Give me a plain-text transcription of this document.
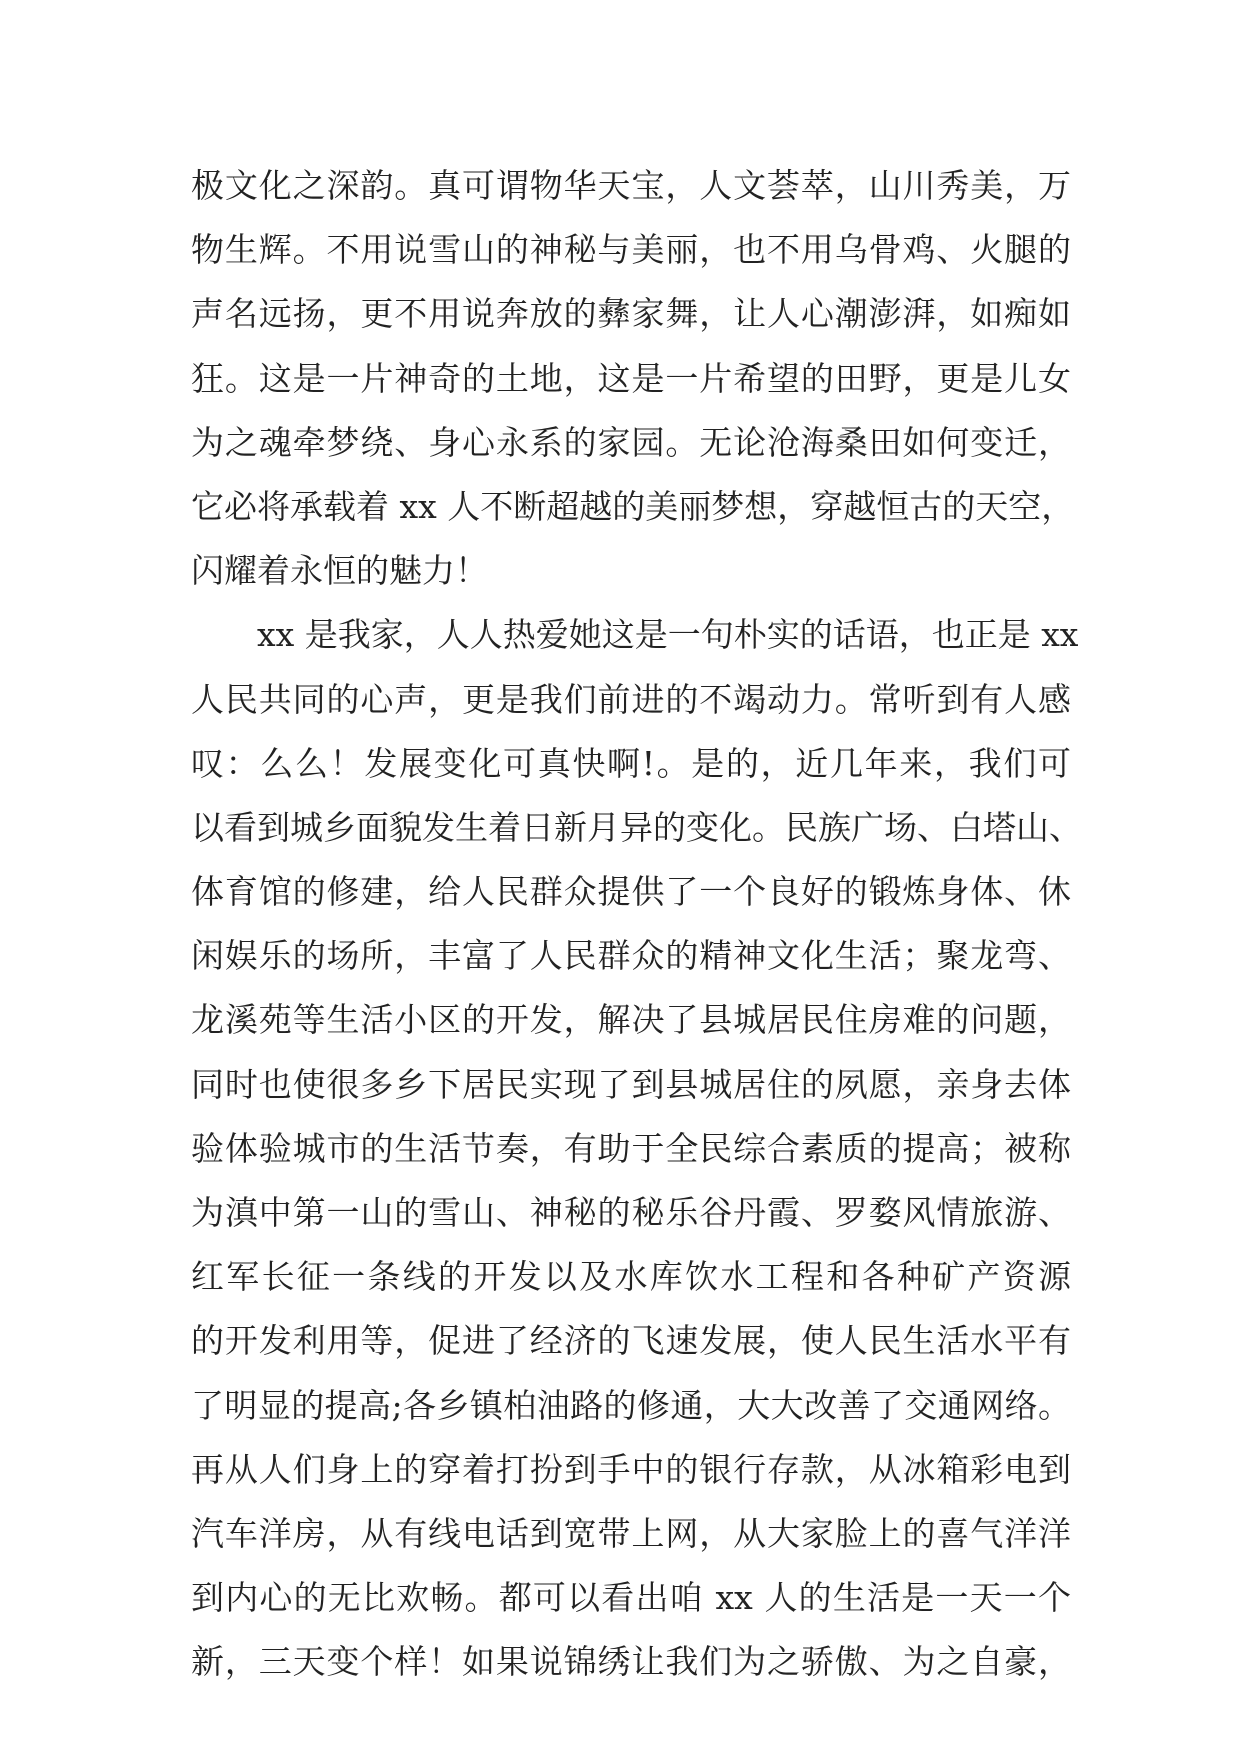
极文化之深韵。真可谓物华天宝，人文荟萃，山川秀美，万
物生辉。不用说雪山的神秘与美丽，也不用乌骨鸡、火腿的
声名远扬，更不用说奔放的彝家舞，让人心潮澎湃，如痴如
狂。这是一片神奇的土地，这是一片希望的田野，更是儿女
为之魂牵梦绕、身心永系的家园。无论沧海桑田如何变迁，
它必将承载着 xx 人不断超越的美丽梦想，穿越恒古的天空，
闪耀着永恒的魅力！
xx 是我家，人人热爱她这是一句朴实的话语，也正是 xx
人民共同的心声，更是我们前进的不竭动力。常听到有人感
叹：么么！发展变化可真快啊!。是的，近几年来，我们可
以看到城乡面貌发生着日新月异的变化。民族广场、白塔山、
体育馆的修建，给人民群众提供了一个良好的锻炼身体、休
闲娱乐的场所，丰富了人民群众的精神文化生活；聚龙弯、
龙溪苑等生活小区的开发，解决了县城居民住房难的问题，
同时也使很多乡下居民实现了到县城居住的夙愿，亲身去体
验体验城市的生活节奏，有助于全民综合素质的提高；被称
为滇中第一山的雪山、神秘的秘乐谷丹霞、罗婺风情旅游、
红军长征一条线的开发以及水库饮水工程和各种矿产资源
的开发利用等，促进了经济的飞速发展，使人民生活水平有
了明显的提高;各乡镇柏油路的修通，大大改善了交通网络。
再从人们身上的穿着打扮到手中的银行存款，从冰箱彩电到
汽车洋房，从有线电话到宽带上网，从大家脸上的喜气洋洋
到内心的无比欢畅。都可以看出咱 xx 人的生活是一天一个
新，三天变个样！如果说锦绣让我们为之骄傲、为之自豪，
